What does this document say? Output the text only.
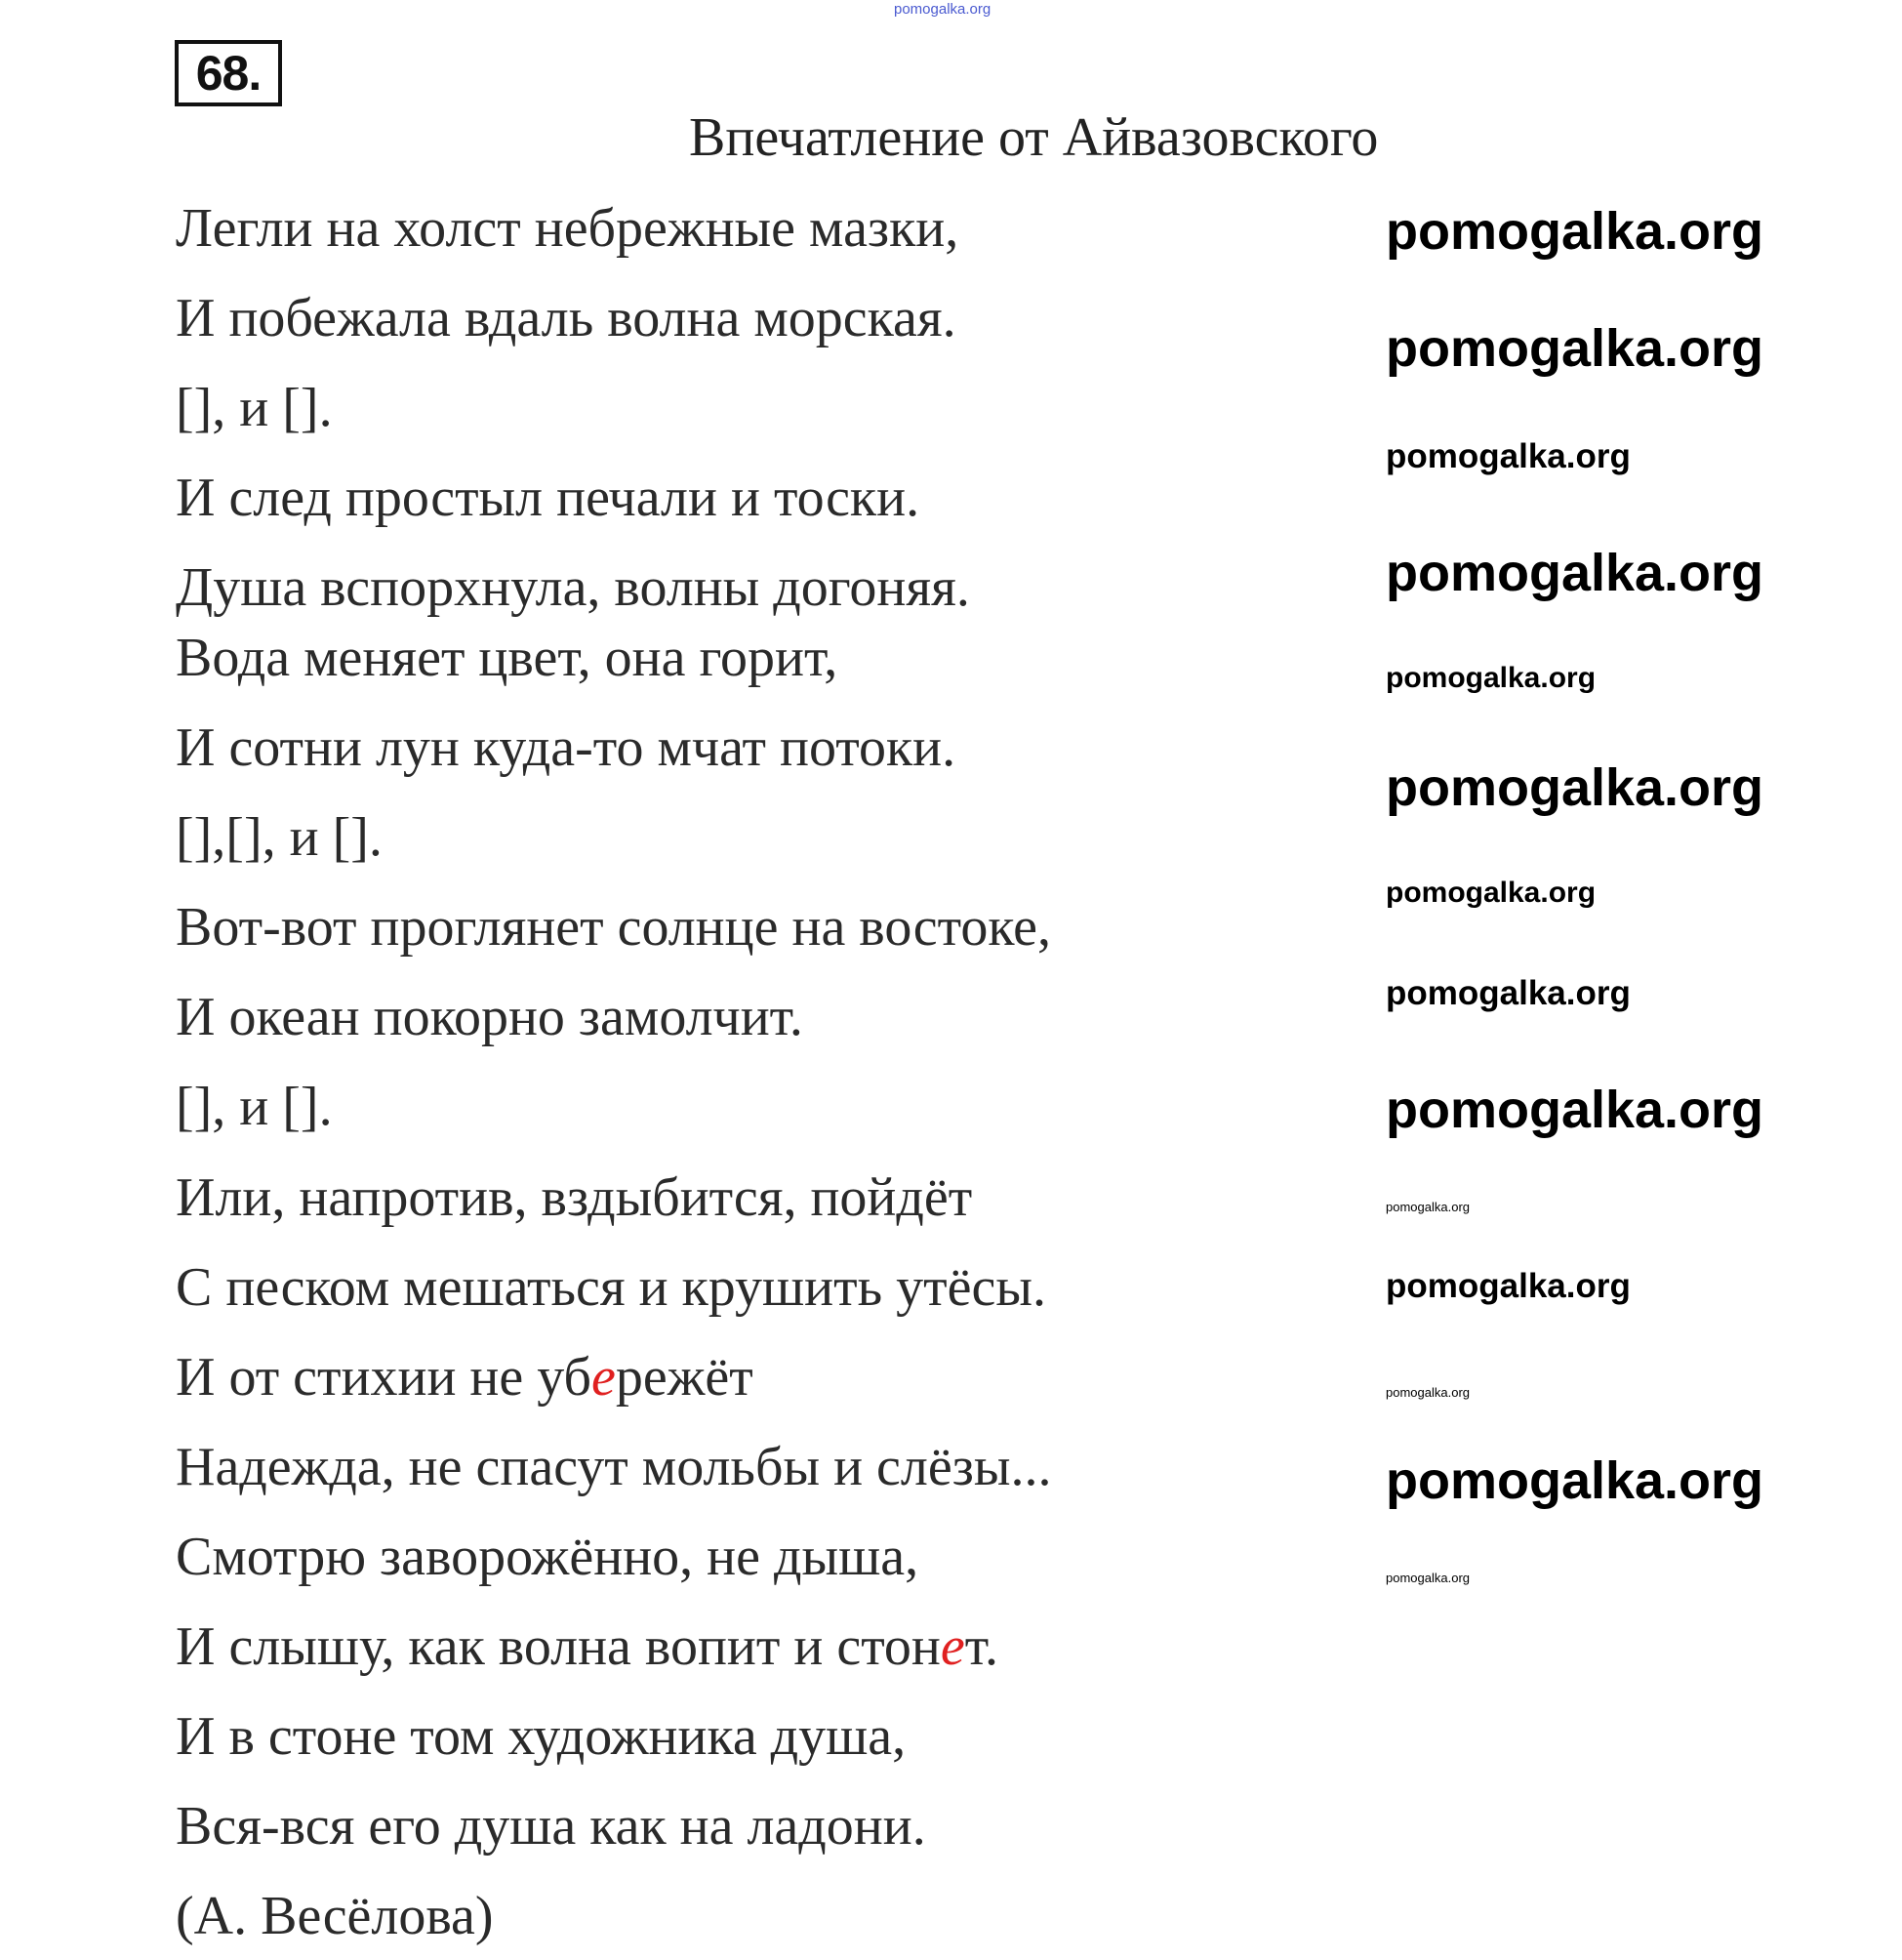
pomogalka.org
68.
Впечатление от Айвазовского
Легли на холст небрежные мазки,
И побежала вдаль волна морская.
[], и [].
И след простыл печали и тоски.
Душа вспорхнула, волны догоняя.
Вода меняет цвет, она горит,
И сотни лун куда-то мчат потоки.
[],[], и [].
Вот-вот проглянет солнце на востоке,
И океан покорно замолчит.
[], и [].
Или, напротив, вздыбится, пойдёт
С песком мешаться и крушить утёсы.
И от стихии не убережёт
Надежда, не спасут мольбы и слёзы...
Смотрю заворожённо, не дыша,
И слышу, как волна вопит и стонет.
И в стоне том художника душа,
Вся-вся его душа как на ладони.
(А. Весёлова)
pomogalka.org
pomogalka.org
pomogalka.org
pomogalka.org
pomogalka.org
pomogalka.org
pomogalka.org
pomogalka.org
pomogalka.org
pomogalka.org
pomogalka.org
pomogalka.org
pomogalka.org
pomogalka.org
